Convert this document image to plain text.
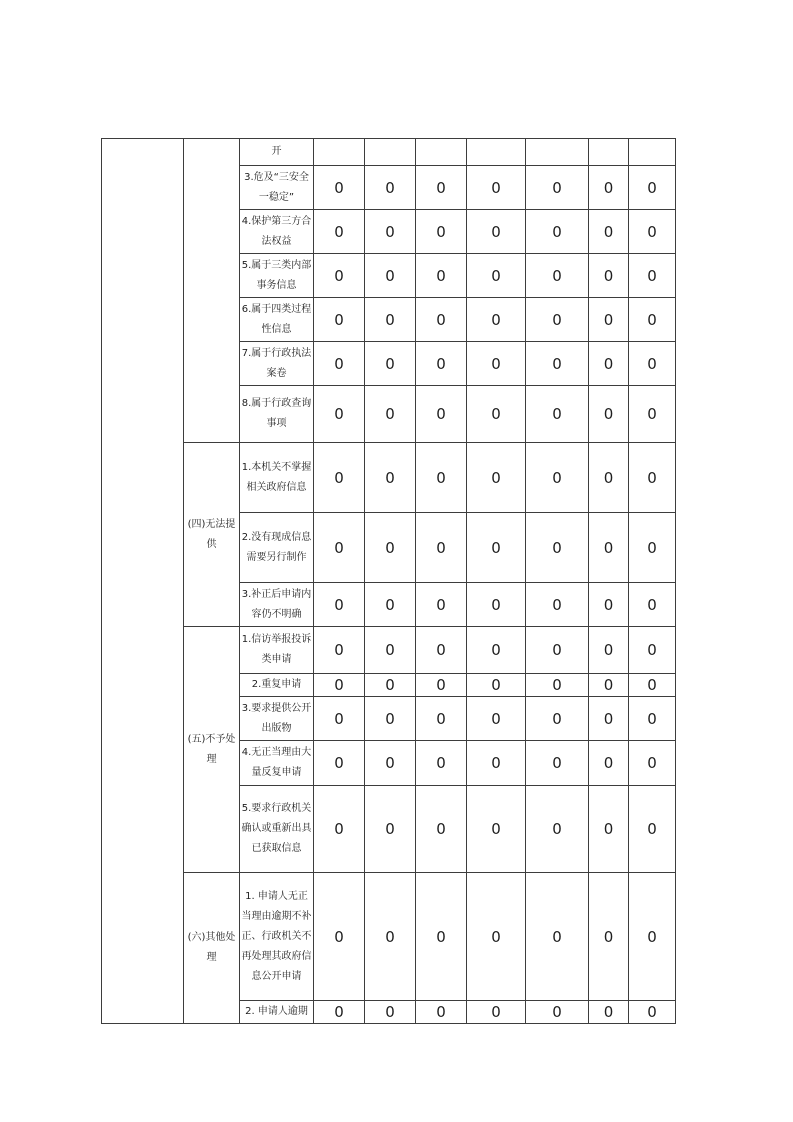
		开							
		3.危及“三安全一稳定”	0	0	0	0	0	0	0
		4.保护第三方合法权益	0	0	0	0	0	0	0
		5.属于三类内部事务信息	0	0	0	0	0	0	0
		6.属于四类过程性信息	0	0	0	0	0	0	0
		7.属于行政执法案卷	0	0	0	0	0	0	0
		8.属于行政查询事项	0	0	0	0	0	0	0
	(四)无法提供	1.本机关不掌握相关政府信息	0	0	0	0	0	0	0
		2.没有现成信息需要另行制作	0	0	0	0	0	0	0
		3.补正后申请内容仍不明确	0	0	0	0	0	0	0
	(五)不予处理	1.信访举报投诉类申请	0	0	0	0	0	0	0
		2.重复申请	0	0	0	0	0	0	0
		3.要求提供公开出版物	0	0	0	0	0	0	0
		4.无正当理由大量反复申请	0	0	0	0	0	0	0
		5.要求行政机关确认或重新出具已获取信息	0	0	0	0	0	0	0
	(六)其他处理	1. 申请人无正当理由逾期不补正、行政机关不再处理其政府信息公开申请	0	0	0	0	0	0	0
		2. 申请人逾期	0	0	0	0	0	0	0
